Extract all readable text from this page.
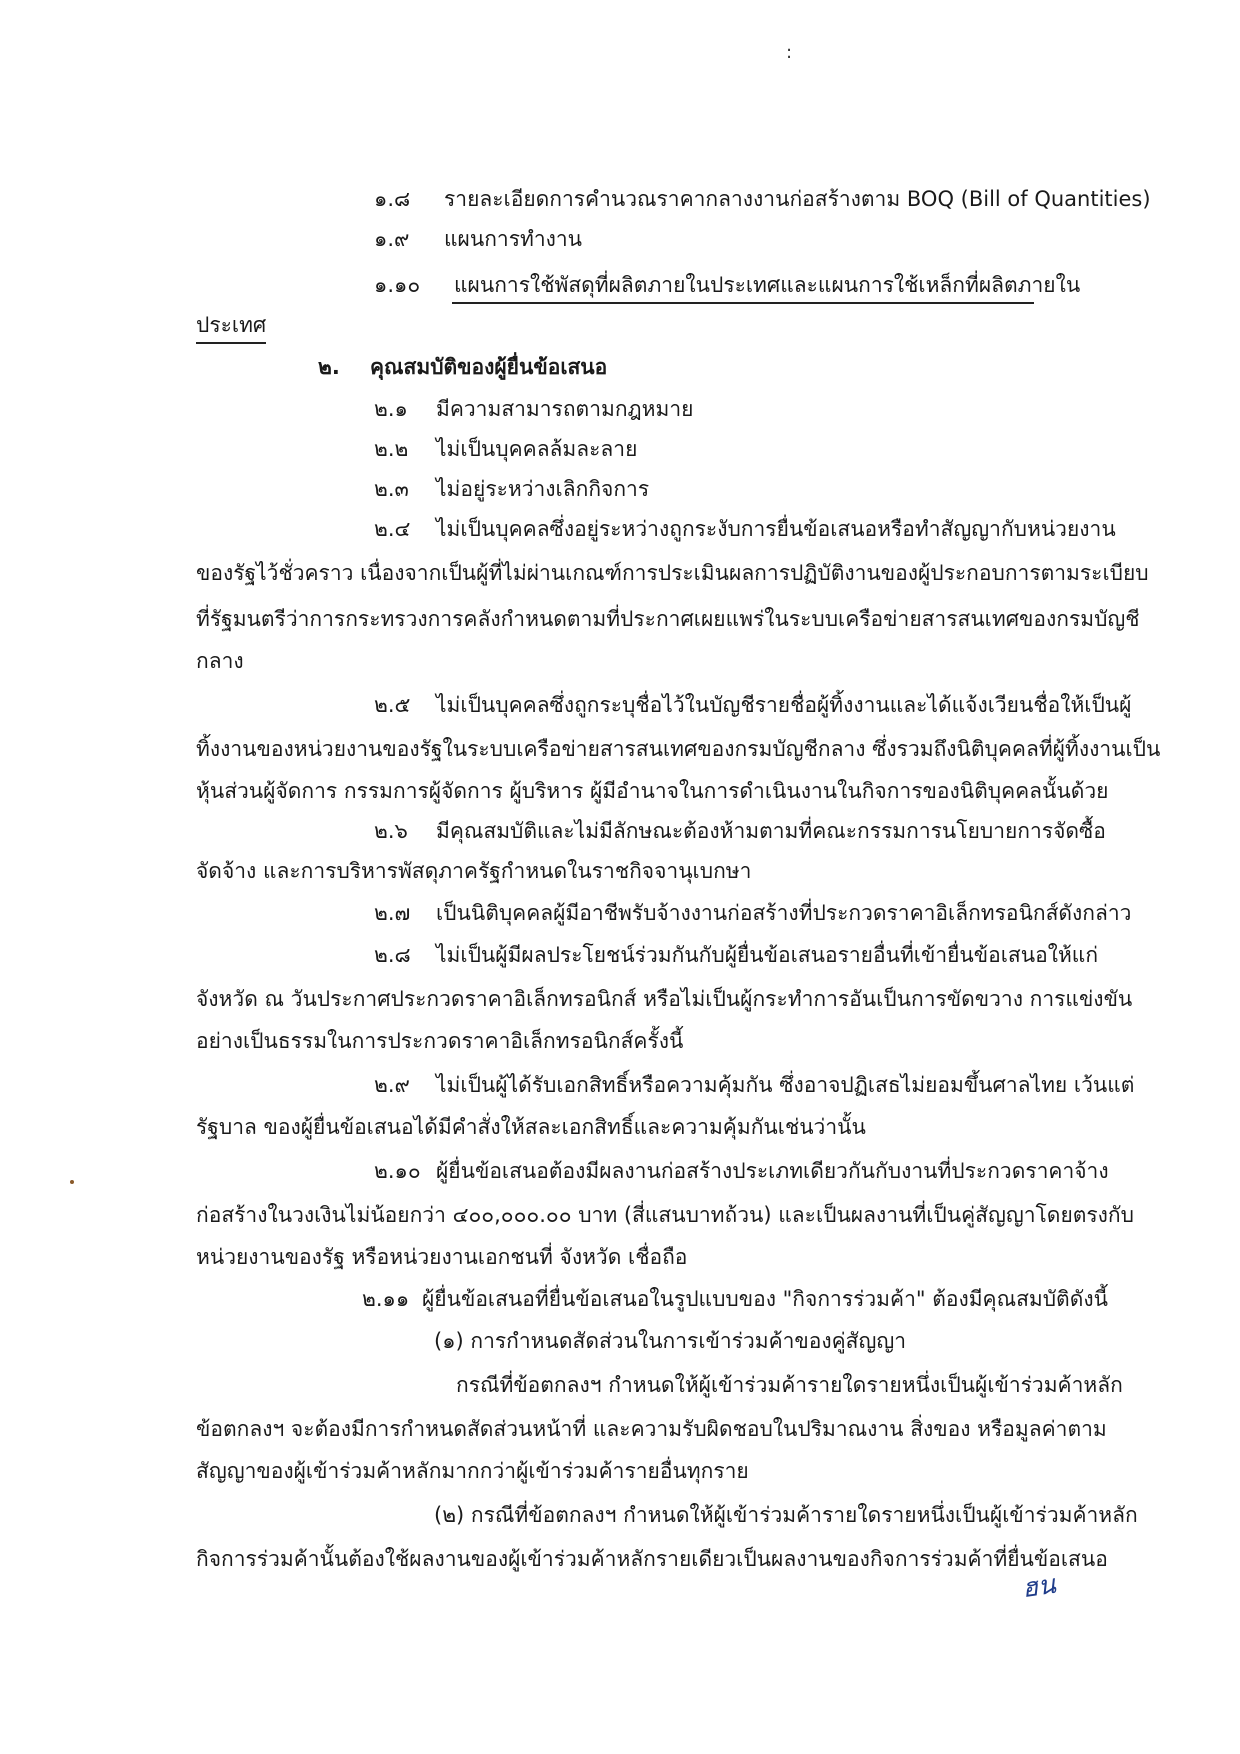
:
๑.๘ รายละเอียดการคำนวณราคากลางงานก่อสร้างตาม BOQ (Bill of Quantities)
๑.๙ แผนการทำงาน
๑.๑๐ แผนการใช้พัสดุที่ผลิตภายในประเทศและแผนการใช้เหล็กที่ผลิตภายใน
ประเทศ
๒. คุณสมบัติของผู้ยื่นข้อเสนอ
๒.๑ มีความสามารถตามกฎหมาย
๒.๒ ไม่เป็นบุคคลล้มละลาย
๒.๓ ไม่อยู่ระหว่างเลิกกิจการ
๒.๔ ไม่เป็นบุคคลซึ่งอยู่ระหว่างถูกระงับการยื่นข้อเสนอหรือทำสัญญากับหน่วยงาน
ของรัฐไว้ชั่วคราว เนื่องจากเป็นผู้ที่ไม่ผ่านเกณฑ์การประเมินผลการปฏิบัติงานของผู้ประกอบการตามระเบียบ
ที่รัฐมนตรีว่าการกระทรวงการคลังกำหนดตามที่ประกาศเผยแพร่ในระบบเครือข่ายสารสนเทศของกรมบัญชี
กลาง
๒.๕ ไม่เป็นบุคคลซึ่งถูกระบุชื่อไว้ในบัญชีรายชื่อผู้ทิ้งงานและได้แจ้งเวียนชื่อให้เป็นผู้
ทิ้งงานของหน่วยงานของรัฐในระบบเครือข่ายสารสนเทศของกรมบัญชีกลาง ซึ่งรวมถึงนิติบุคคลที่ผู้ทิ้งงานเป็น
หุ้นส่วนผู้จัดการ กรรมการผู้จัดการ ผู้บริหาร ผู้มีอำนาจในการดำเนินงานในกิจการของนิติบุคคลนั้นด้วย
๒.๖ มีคุณสมบัติและไม่มีลักษณะต้องห้ามตามที่คณะกรรมการนโยบายการจัดซื้อ
จัดจ้าง และการบริหารพัสดุภาครัฐกำหนดในราชกิจจานุเบกษา
๒.๗ เป็นนิติบุคคลผู้มีอาชีพรับจ้างงานก่อสร้างที่ประกวดราคาอิเล็กทรอนิกส์ดังกล่าว
๒.๘ ไม่เป็นผู้มีผลประโยชน์ร่วมกันกับผู้ยื่นข้อเสนอรายอื่นที่เข้ายื่นข้อเสนอให้แก่
จังหวัด ณ วันประกาศประกวดราคาอิเล็กทรอนิกส์ หรือไม่เป็นผู้กระทำการอันเป็นการขัดขวาง การแข่งขัน
อย่างเป็นธรรมในการประกวดราคาอิเล็กทรอนิกส์ครั้งนี้
๒.๙ ไม่เป็นผู้ได้รับเอกสิทธิ์หรือความคุ้มกัน ซึ่งอาจปฏิเสธไม่ยอมขึ้นศาลไทย เว้นแต่
รัฐบาล ของผู้ยื่นข้อเสนอได้มีคำสั่งให้สละเอกสิทธิ์และความคุ้มกันเช่นว่านั้น
๒.๑๐ ผู้ยื่นข้อเสนอต้องมีผลงานก่อสร้างประเภทเดียวกันกับงานที่ประกวดราคาจ้าง
ก่อสร้างในวงเงินไม่น้อยกว่า ๔๐๐,๐๐๐.๐๐ บาท (สี่แสนบาทถ้วน) และเป็นผลงานที่เป็นคู่สัญญาโดยตรงกับ
หน่วยงานของรัฐ หรือหน่วยงานเอกชนที่ จังหวัด เชื่อถือ
๒.๑๑ ผู้ยื่นข้อเสนอที่ยื่นข้อเสนอในรูปแบบของ "กิจการร่วมค้า" ต้องมีคุณสมบัติดังนี้
(๑) การกำหนดสัดส่วนในการเข้าร่วมค้าของคู่สัญญา
กรณีที่ข้อตกลงฯ กำหนดให้ผู้เข้าร่วมค้ารายใดรายหนึ่งเป็นผู้เข้าร่วมค้าหลัก
ข้อตกลงฯ จะต้องมีการกำหนดสัดส่วนหน้าที่ และความรับผิดชอบในปริมาณงาน สิ่งของ หรือมูลค่าตาม
สัญญาของผู้เข้าร่วมค้าหลักมากกว่าผู้เข้าร่วมค้ารายอื่นทุกราย
(๒) กรณีที่ข้อตกลงฯ กำหนดให้ผู้เข้าร่วมค้ารายใดรายหนึ่งเป็นผู้เข้าร่วมค้าหลัก
กิจการร่วมค้านั้นต้องใช้ผลงานของผู้เข้าร่วมค้าหลักรายเดียวเป็นผลงานของกิจการร่วมค้าที่ยื่นข้อเสนอ
ฮน
